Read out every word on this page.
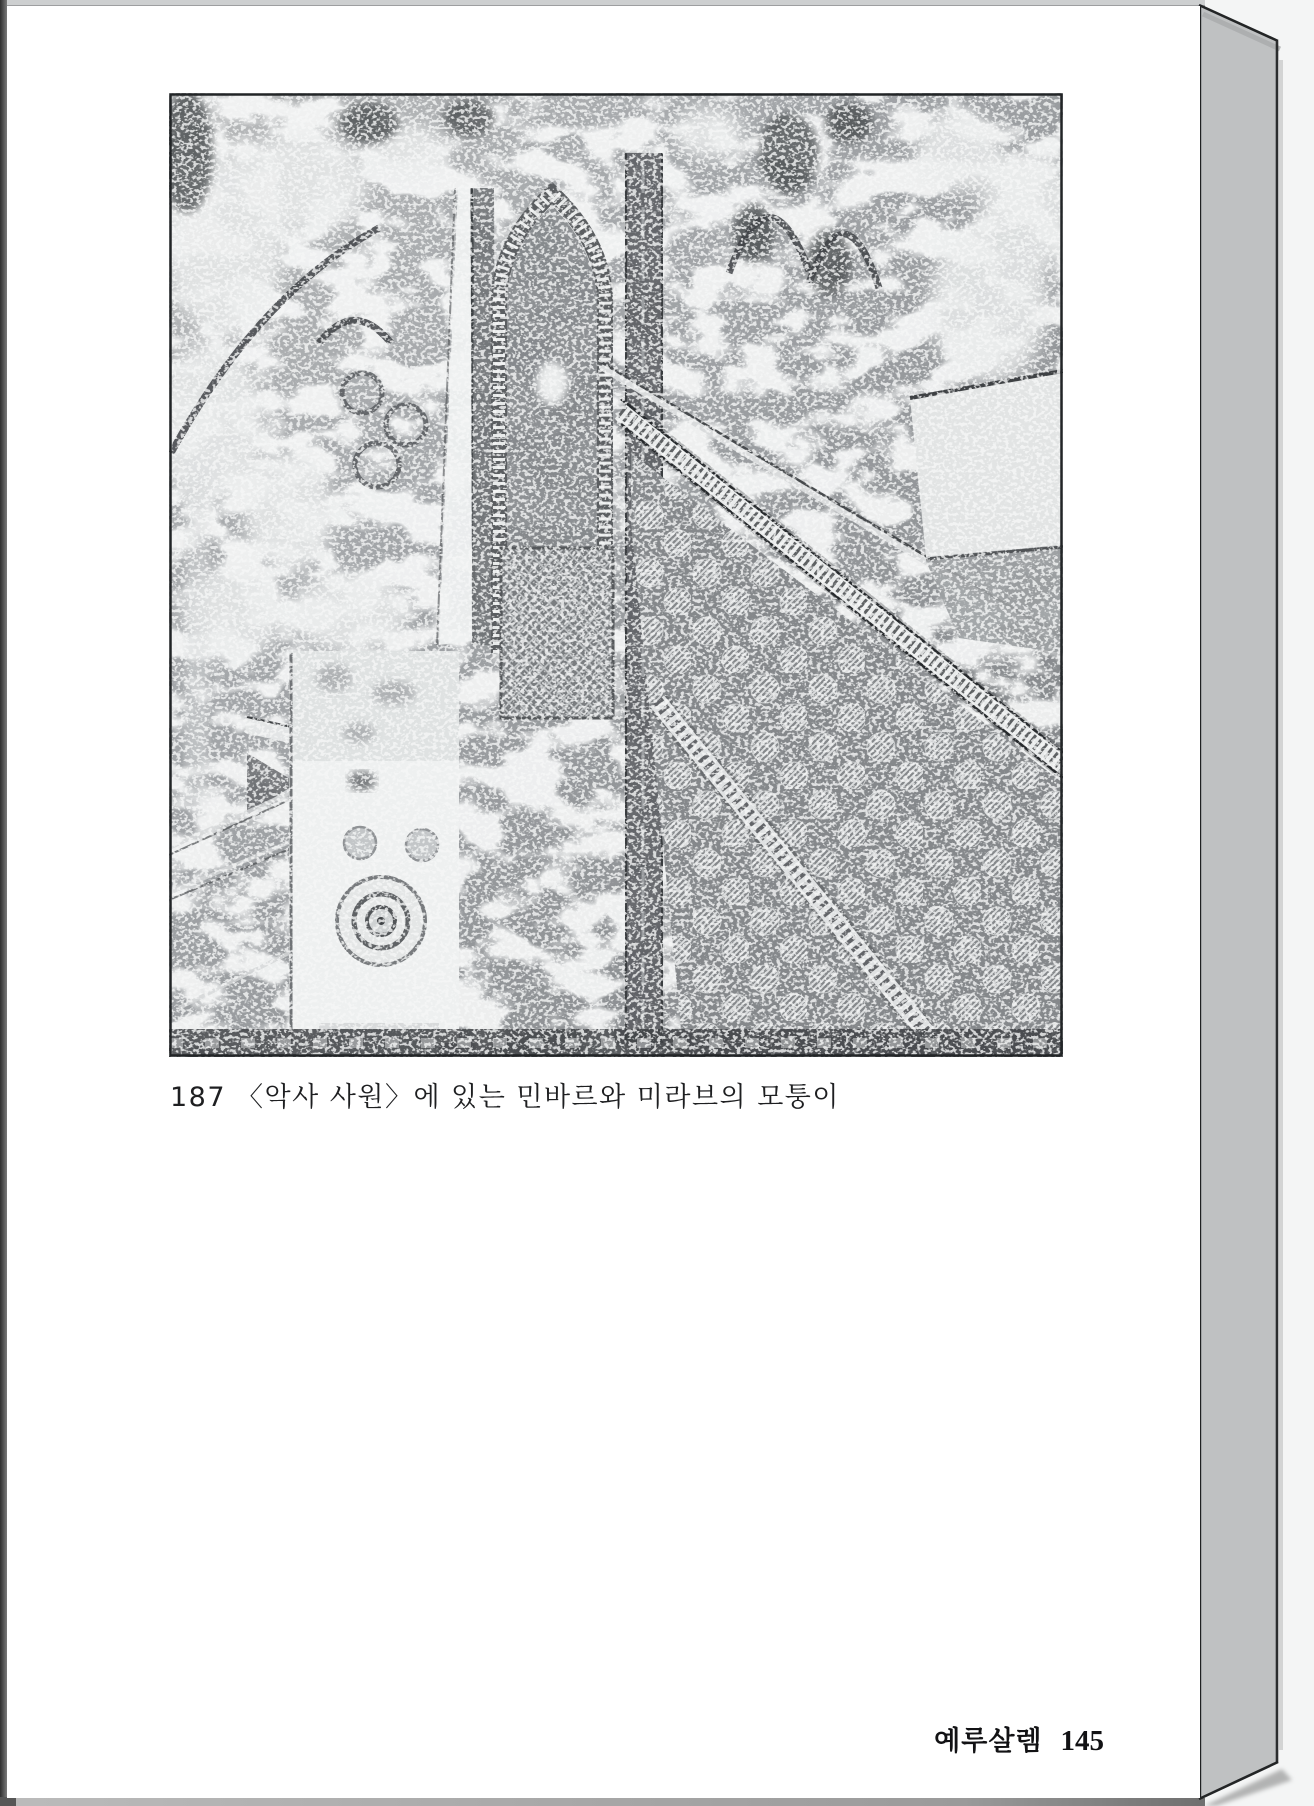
187 〈악사 사원〉에 있는 민바르와 미라브의 모퉁이
예루살렘 145
